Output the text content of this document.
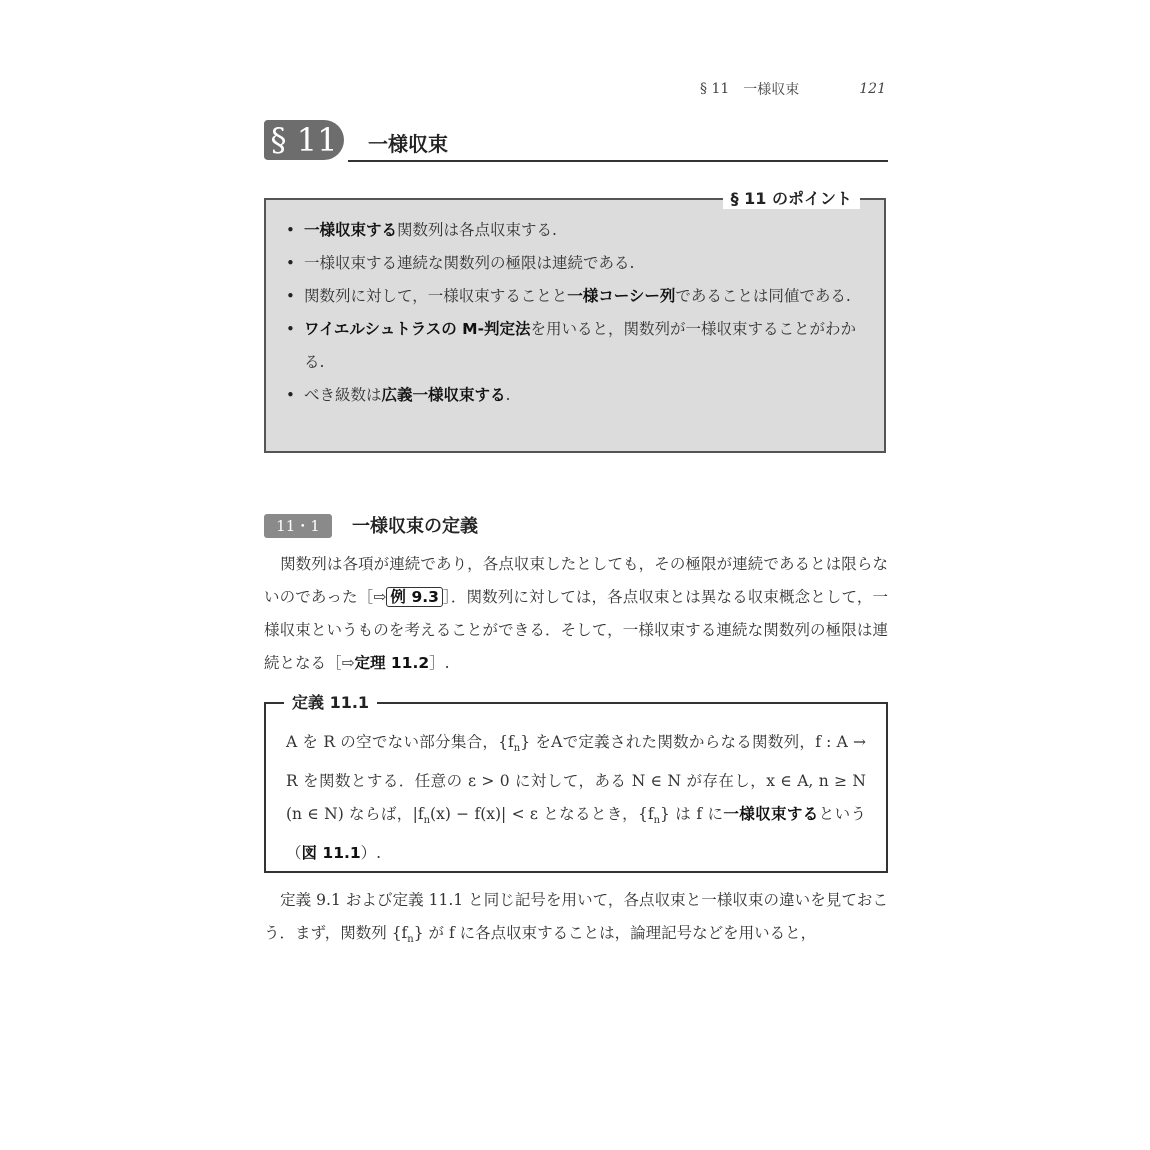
§ 11 一様収束	121
§ 11	一様収束
§ 11 のポイント
• 一様収束する関数列は各点収束する.
• 一様収束する連続な関数列の極限は連続である.
• 関数列に対して，一様収束することと一様コーシー列であることは同値である.
• ワイエルシュトラスの M-判定法を用いると，関数列が一様収束することがわかる.
• べき級数は広義一様収束する.
11・1	一様収束の定義
関数列は各項が連続であり，各点収束したとしても，その極限が連続であるとは限らないのであった［⇨ 例 9.3 ］．関数列に対しては，各点収束とは異なる収束概念として，一様収束というものを考えることができる．そして，一様収束する連続な関数列の極限は連続となる［⇨定理 11.2］.
定義 11.1
A を R の空でない部分集合，$\{f_n\}$ をAで定義された関数からなる関数列，f : A → R を関数とする．任意の ε > 0 に対して，ある N ∈ N が存在し，x ∈ A, n ≥ N (n ∈ N) ならば，$|f_n(x) - f(x)| < \varepsilon$ となるとき，$\{f_n\}$ は f に一様収束するという（図 11.1）.
定義 9.1 および定義 11.1 と同じ記号を用いて，各点収束と一様収束の違いを見ておこう．まず，関数列 $\{f_n\}$ が f に各点収束することは，論理記号などを用いると，
